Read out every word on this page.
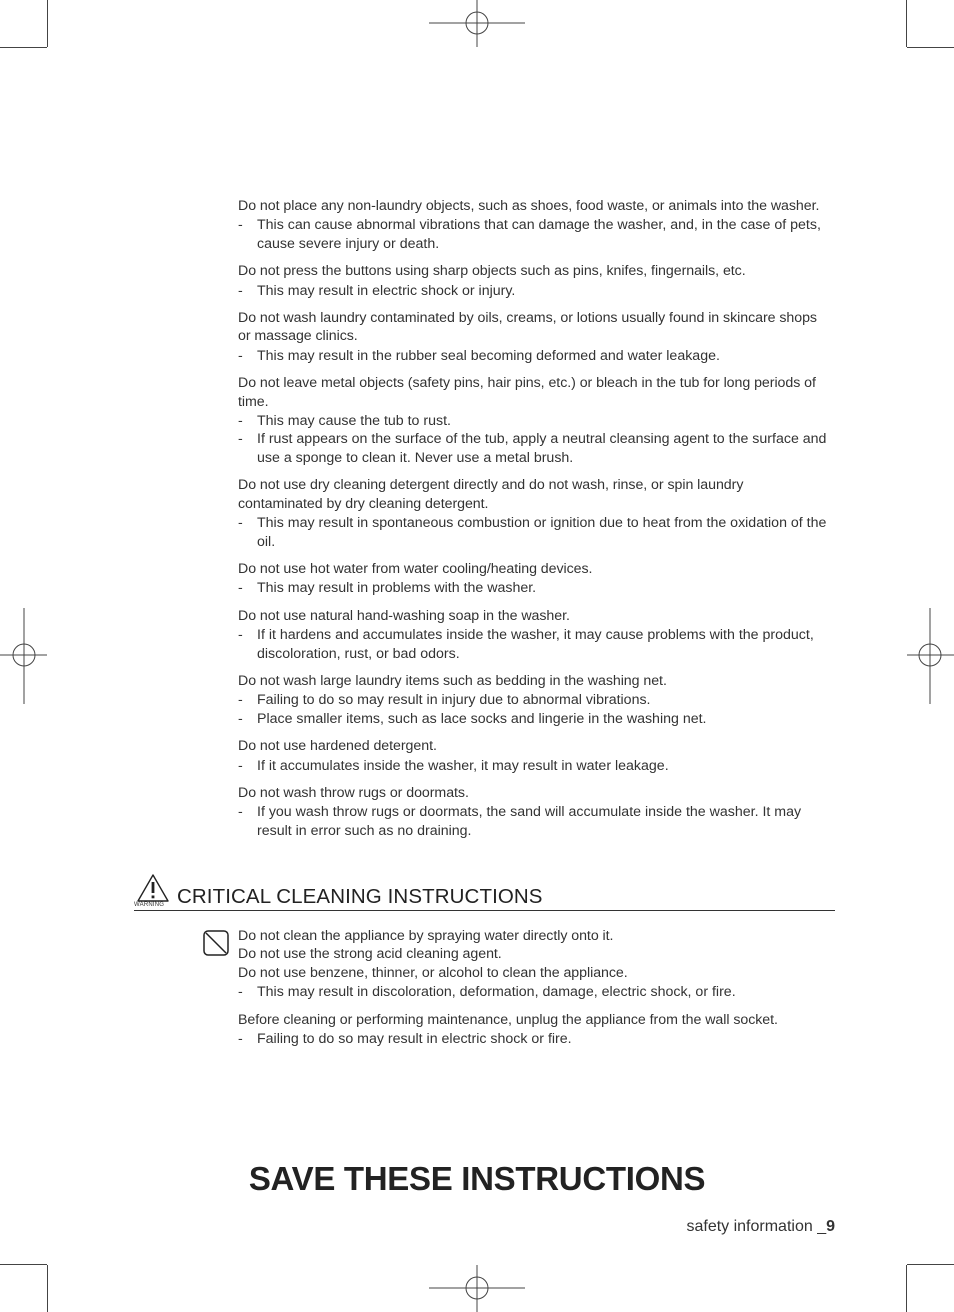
Do not place any non-laundry objects, such as shoes, food waste, or animals into the washer.

- This can cause abnormal vibrations that can damage the washer, and, in the case of pets, cause severe injury or death.

Do not press the buttons using sharp objects such as pins, knifes, fingernails, etc.

- This may result in electric shock or injury.

Do not wash laundry contaminated by oils, creams, or lotions usually found in skincare shops or massage clinics.

- This may result in the rubber seal becoming deformed and water leakage.

Do not leave metal objects (safety pins, hair pins, etc.) or bleach in the tub for long periods of time.

- This may cause the tub to rust.
- If rust appears on the surface of the tub, apply a neutral cleansing agent to the surface and use a sponge to clean it. Never use a metal brush.

Do not use dry cleaning detergent directly and do not wash, rinse, or spin laundry contaminated by dry cleaning detergent.

- This may result in spontaneous combustion or ignition due to heat from the oxidation of the oil.

Do not use hot water from water cooling/heating devices.

- This may result in problems with the washer.

Do not use natural hand-washing soap in the washer.

- If it hardens and accumulates inside the washer, it may cause problems with the product, discoloration, rust, or bad odors.

Do not wash large laundry items such as bedding in the washing net.

- Failing to do so may result in injury due to abnormal vibrations.
- Place smaller items, such as lace socks and lingerie in the washing net.

Do not use hardened detergent.

- If it accumulates inside the washer, it may result in water leakage.

Do not wash throw rugs or doormats.

- If you wash throw rugs or doormats, the sand will accumulate inside the washer. It may result in error such as no draining.
WARNING CRITICAL CLEANING INSTRUCTIONS

Do not clean the appliance by spraying water directly onto it.

Do not use the strong acid cleaning agent.

Do not use benzene, thinner, or alcohol to clean the appliance.

- This may result in discoloration, deformation, damage, electric shock, or fire.

Before cleaning or performing maintenance, unplug the appliance from the wall socket.

- Failing to do so may result in electric shock or fire.
SAVE THESE INSTRUCTIONS
safety information _9
